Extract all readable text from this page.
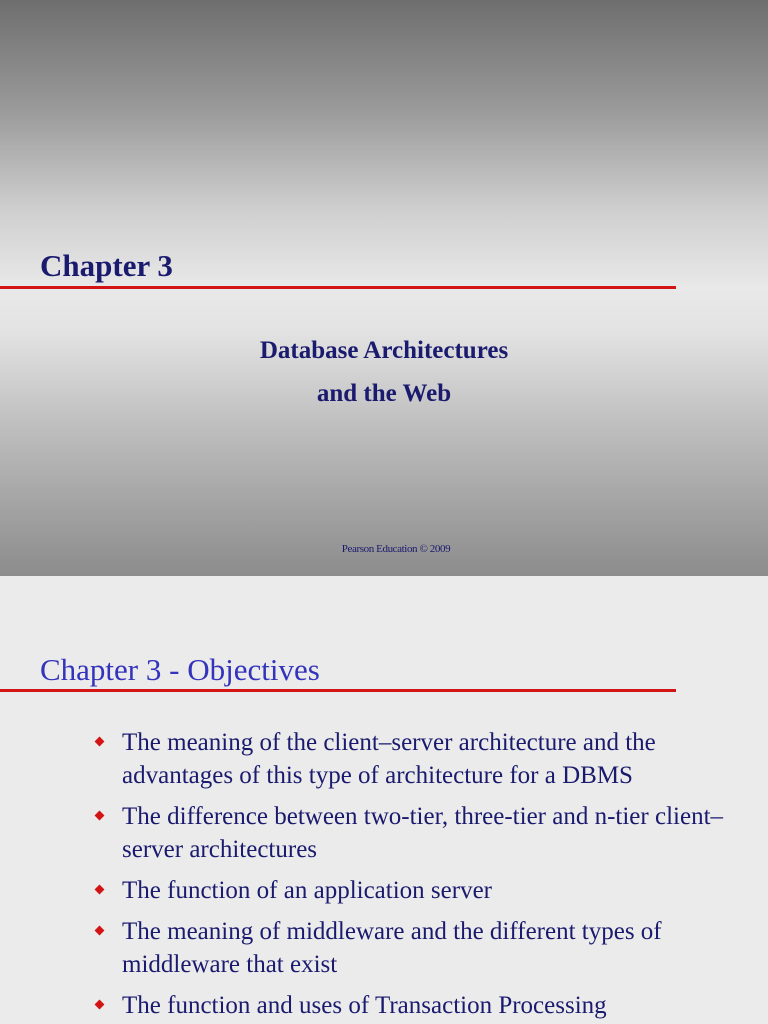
Chapter 3
Database Architectures
and the Web
Pearson Education © 2009
Chapter 3 - Objectives
The meaning of the client–server architecture and the advantages of this type of architecture for a DBMS
The difference between two-tier, three-tier and n-tier client–server architectures
The function of an application server
The meaning of middleware and the different types of middleware that exist
The function and uses of Transaction Processing
